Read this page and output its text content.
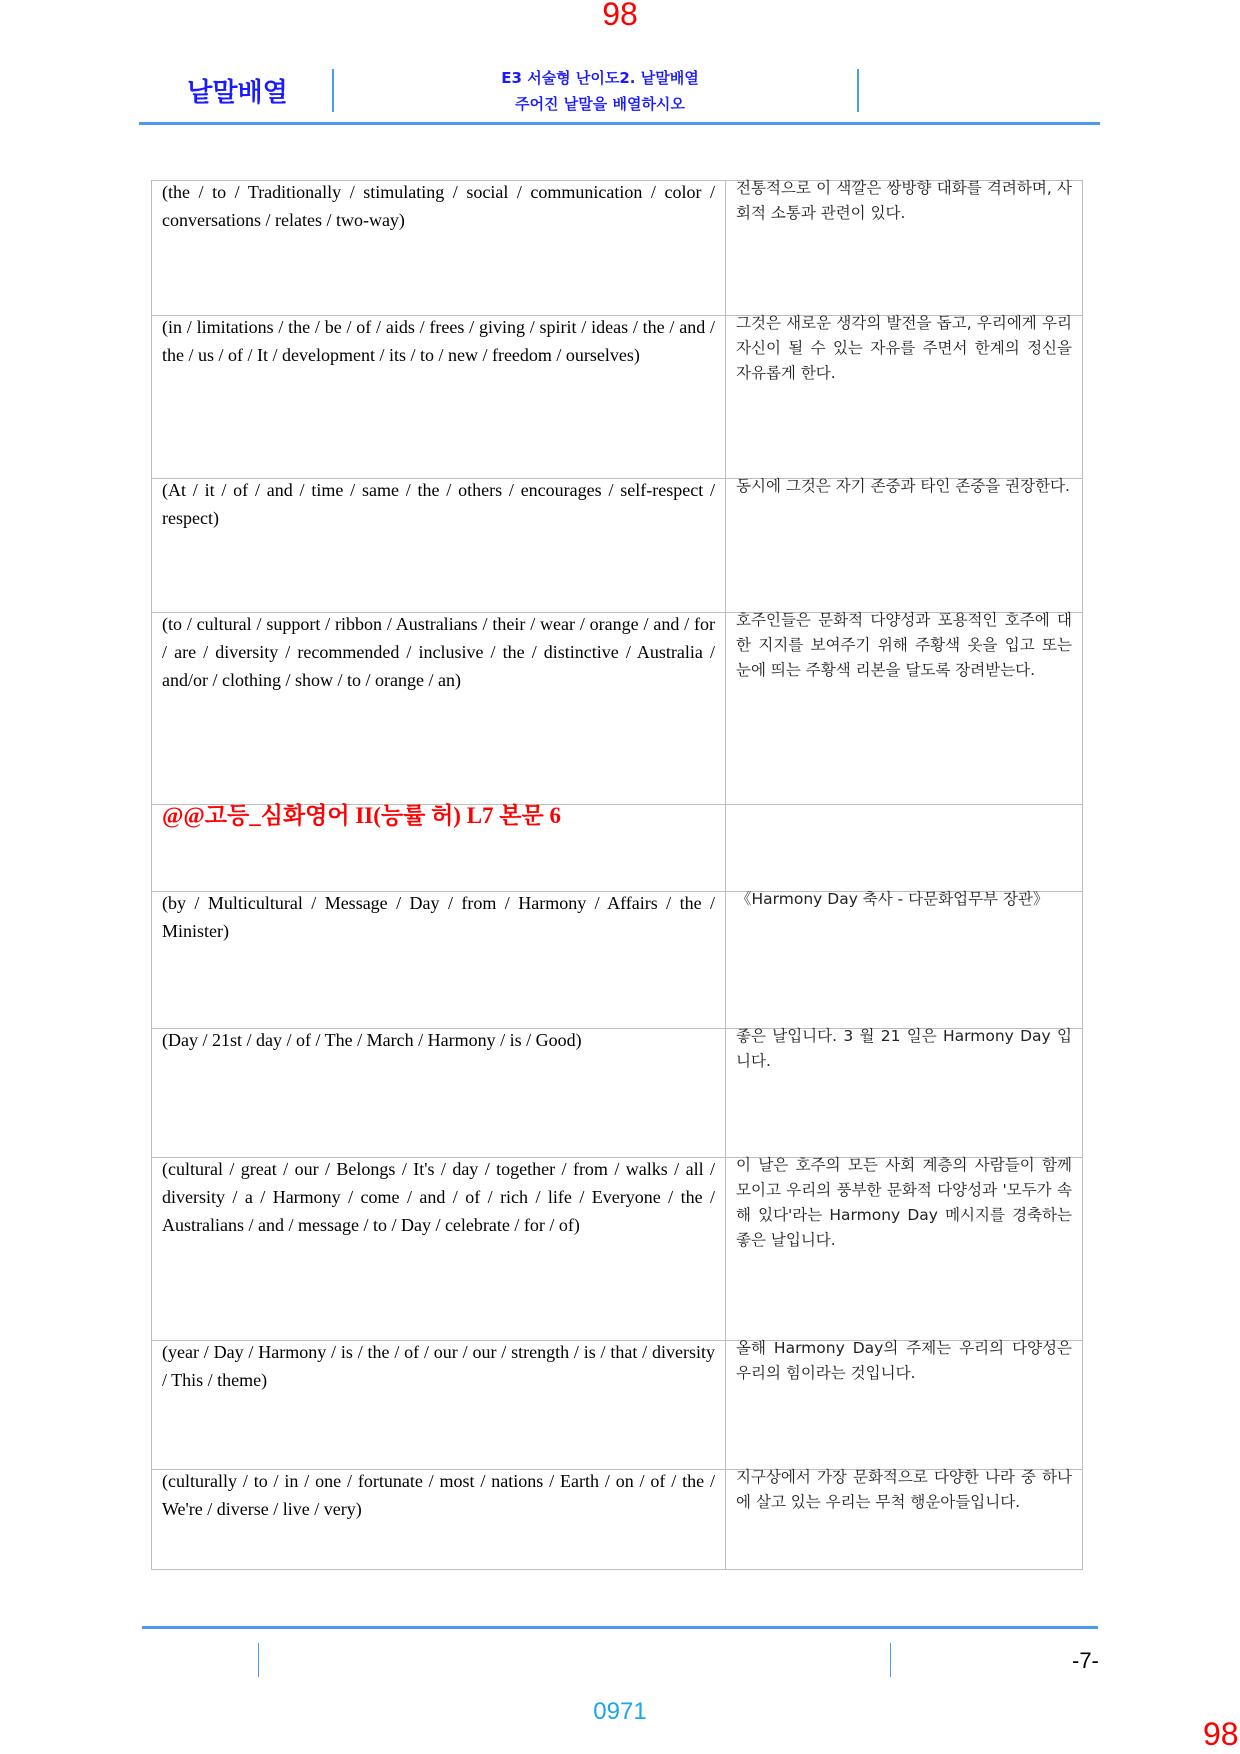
98
낱말배열	E3 서술형 난이도2. 낱말배열
주어진 낱말을 배열하시오
(the / to / Traditionally / stimulating / social / communication / color / conversations / relates / two-way)	전통적으로 이 색깔은 쌍방향 대화를 격려하며, 사회적 소통과 관련이 있다.

(in / limitations / the / be / of / aids / frees / giving / spirit / ideas / the / and / the / us / of / It / development / its / to / new / freedom / ourselves)	그것은 새로운 생각의 발전을 돕고, 우리에게 우리 자신이 될 수 있는 자유를 주면서 한계의 정신을 자유롭게 한다.

(At / it / of / and / time / same / the / others / encourages / self-respect / respect)	동시에 그것은 자기 존중과 타인 존중을 권장한다.

(to / cultural / support / ribbon / Australians / their / wear / orange / and / for / are / diversity / recommended / inclusive / the / distinctive / Australia / and/or / clothing / show / to / orange / an)	호주인들은 문화적 다양성과 포용적인 호주에 대한 지지를 보여주기 위해 주황색 옷을 입고 또는 눈에 띄는 주황색 리본을 달도록 장려받는다.

@@고등_심화영어 II(능률 허) L7 본문 6	

(by / Multicultural / Message / Day / from / Harmony / Affairs / the / Minister)	《Harmony Day 축사 - 다문화업무부 장관》

(Day / 21st / day / of / The / March / Harmony / is / Good)	좋은 날입니다. 3 월 21 일은 Harmony Day 입니다.

(cultural / great / our / Belongs / It's / day / together / from / walks / all / diversity / a / Harmony / come / and / of / rich / life / Everyone / the / Australians / and / message / to / Day / celebrate / for / of)	이 날은 호주의 모든 사회 계층의 사람들이 함께 모이고 우리의 풍부한 문화적 다양성과 '모두가 속해 있다'라는 Harmony Day 메시지를 경축하는 좋은 날입니다.

(year / Day / Harmony / is / the / of / our / our / strength / is / that / diversity / This / theme)	올해 Harmony Day의 주제는 우리의 다양성은 우리의 힘이라는 것입니다.

(culturally / to / in / one / fortunate / most / nations / Earth / on / of / the / We're / diverse / live / very)	지구상에서 가장 문화적으로 다양한 나라 중 하나에 살고 있는 우리는 무척 행운아들입니다.
-7-
0971
98
